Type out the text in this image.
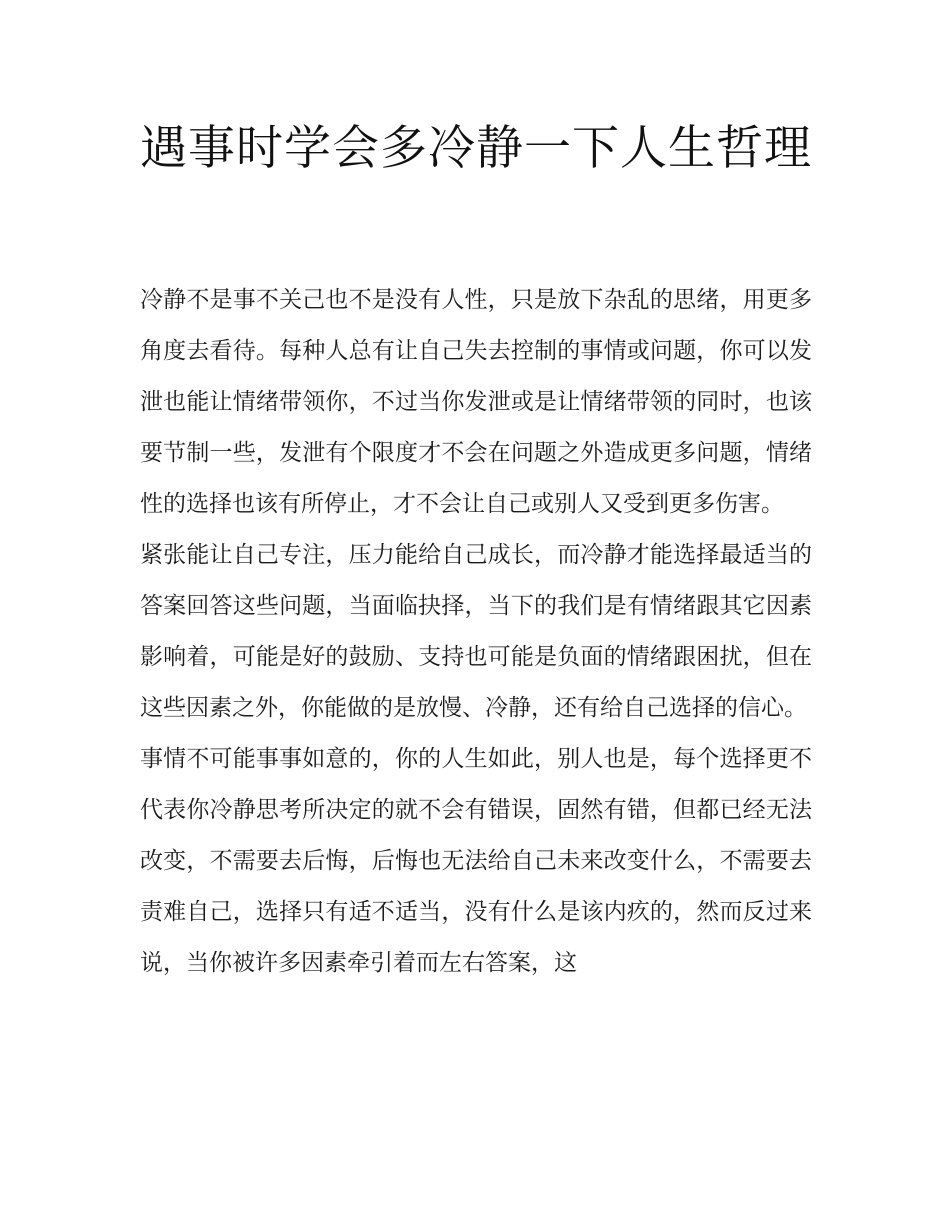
遇事时学会多冷静一下人生哲理

冷静不是事不关己也不是没有人性，只是放下杂乱的思绪，用更多角度去看待。每种人总有让自己失去控制的事情或问题，你可以发泄也能让情绪带领你，不过当你发泄或是让情绪带领的同时，也该要节制一些，发泄有个限度才不会在问题之外造成更多问题，情绪性的选择也该有所停止，才不会让自己或别人又受到更多伤害。

紧张能让自己专注，压力能给自己成长，而冷静才能选择最适当的答案回答这些问题，当面临抉择，当下的我们是有情绪跟其它因素影响着，可能是好的鼓励、支持也可能是负面的情绪跟困扰，但在这些因素之外，你能做的是放慢、冷静，还有给自己选择的信心。

事情不可能事事如意的，你的人生如此，别人也是，每个选择更不代表你冷静思考所决定的就不会有错误，固然有错，但都已经无法改变，不需要去后悔，后悔也无法给自己未来改变什么，不需要去责难自己，选择只有适不适当，没有什么是该内疚的，然而反过来说，当你被许多因素牵引着而左右答案，这
